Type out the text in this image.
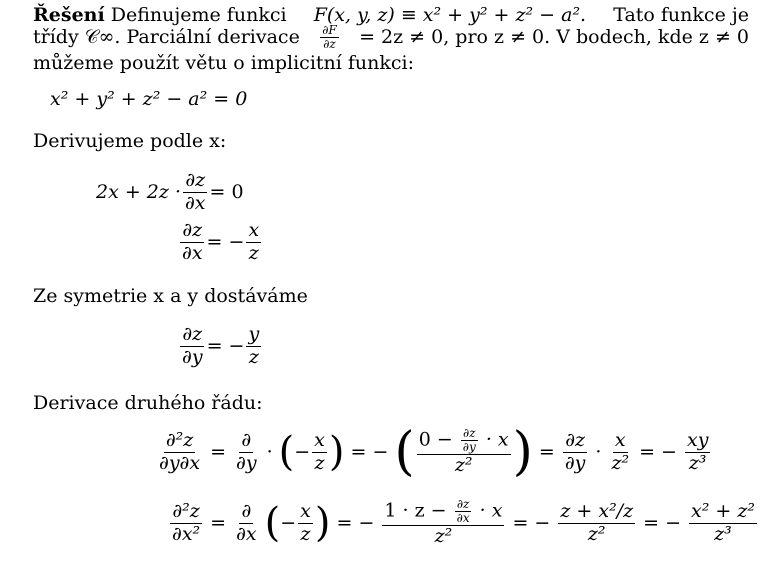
Řešení Definujeme funkci F(x, y, z) ≡ x² + y² + z² − a². Tato funkce je
třídy 𝒞∞. Parciální derivace $\frac{\partial F}{\partial z} = 2z \ne 0$, pro z ≠ 0. V bodech, kde z ≠ 0
můžeme použít větu o implicitní funkci:
x² + y² + z² − a² = 0
Derivujeme podle x:
$2x + 2z \cdot \frac{\partial z}{\partial x} = 0$
$\frac{\partial z}{\partial x}$ = − $\frac{x}{z}$
Ze symetrie x a y dostáváme
$\frac{\partial z}{\partial y}$ = − $\frac{y}{z}$
Derivace druhého řádu:
$\frac{\text{∂²z}}{\partial y\partial x} = \frac{\partial}{\partial y}$ · ( − $\frac{x}{z}$ ) = − ( $\frac{0 - \frac{\partial z}{\partial y} \cdot x}{\text{z²}}$ ) = $\frac{\partial z}{\partial y} \cdot \frac{x}{\text{z²}}$ = − $\frac{xy}{\text{z³}}$
$\frac{\text{∂²z}}{\text{∂x²}} = \frac{\partial}{\partial x}$ ( − $\frac{x}{z}$ ) = − $\frac{1 \cdot z - \frac{\partial z}{\partial x} \cdot x}{\text{z²}}$ = − $\frac{\text{z + x²/z}}{\text{z²}}$ = − $\frac{\text{x² + z²}}{\text{z³}}$
